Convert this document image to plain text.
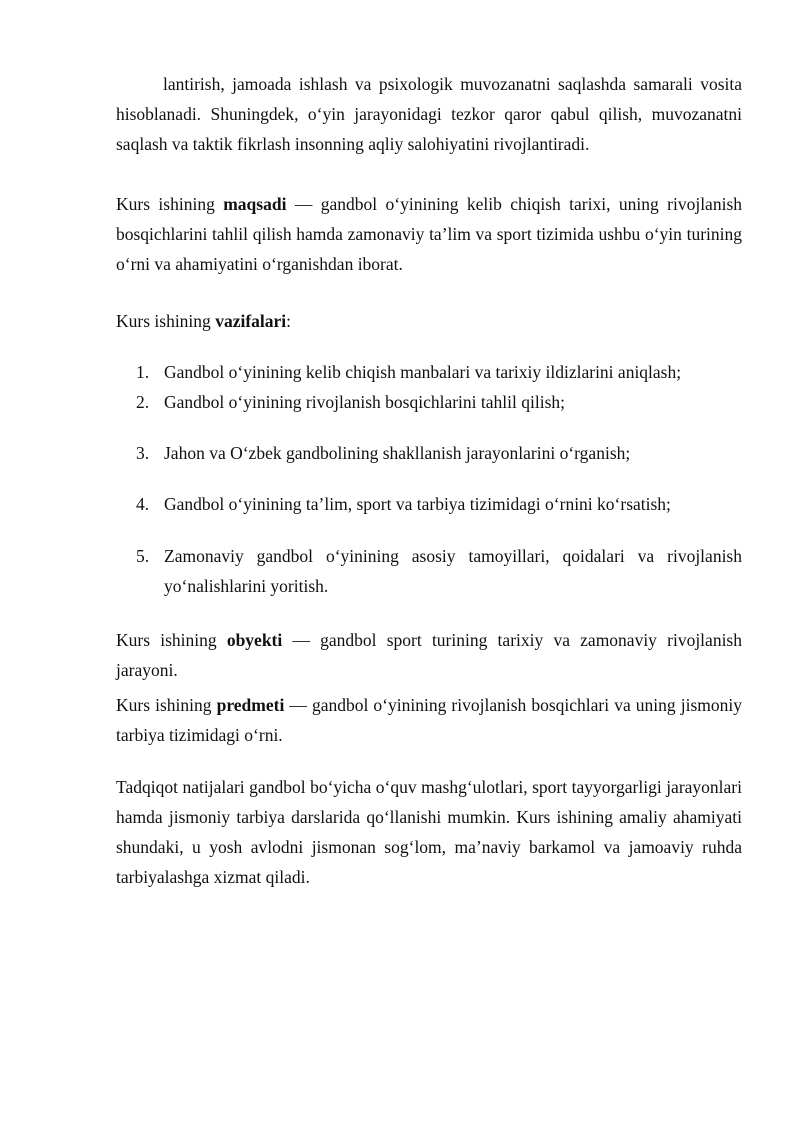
lantirish, jamoada ishlash va psixologik muvozanatni saqlashda samarali vosita hisoblanadi. Shuningdek, o‘yin jarayonidagi tezkor qaror qabul qilish, muvozanatni saqlash va taktik fikrlash insonning aqliy salohiyatini rivojlantiradi.

Kurs ishining maqsadi — gandbol o‘yinining kelib chiqish tarixi, uning rivojlanish bosqichlarini tahlil qilish hamda zamonaviy ta’lim va sport tizimida ushbu o‘yin turining o‘rni va ahamiyatini o‘rganishdan iborat.

Kurs ishining vazifalari:

1. Gandbol o‘yinining kelib chiqish manbalari va tarixiy ildizlarini aniqlash;
2. Gandbol o‘yinining rivojlanish bosqichlarini tahlil qilish;
3. Jahon va O‘zbek gandbolining shakllanish jarayonlarini o‘rganish;
4. Gandbol o‘yinining ta’lim, sport va tarbiya tizimidagi o‘rnini ko‘rsatish;
5. Zamonaviy gandbol o‘yinining asosiy tamoyillari, qoidalari va rivojlanish yo‘nalishlarini yoritish.

Kurs ishining obyekti — gandbol sport turining tarixiy va zamonaviy rivojlanish jarayoni.

Kurs ishining predmeti — gandbol o‘yinining rivojlanish bosqichlari va uning jismoniy tarbiya tizimidagi o‘rni.

Tadqiqot natijalari gandbol bo‘yicha o‘quv mashg‘ulotlari, sport tayyorgarligi jarayonlari hamda jismoniy tarbiya darslarida qo‘llanishi mumkin. Kurs ishining amaliy ahamiyati shundaki, u yosh avlodni jismonan sog‘lom, ma’naviy barkamol va jamoaviy ruhda tarbiyalashga xizmat qiladi.
